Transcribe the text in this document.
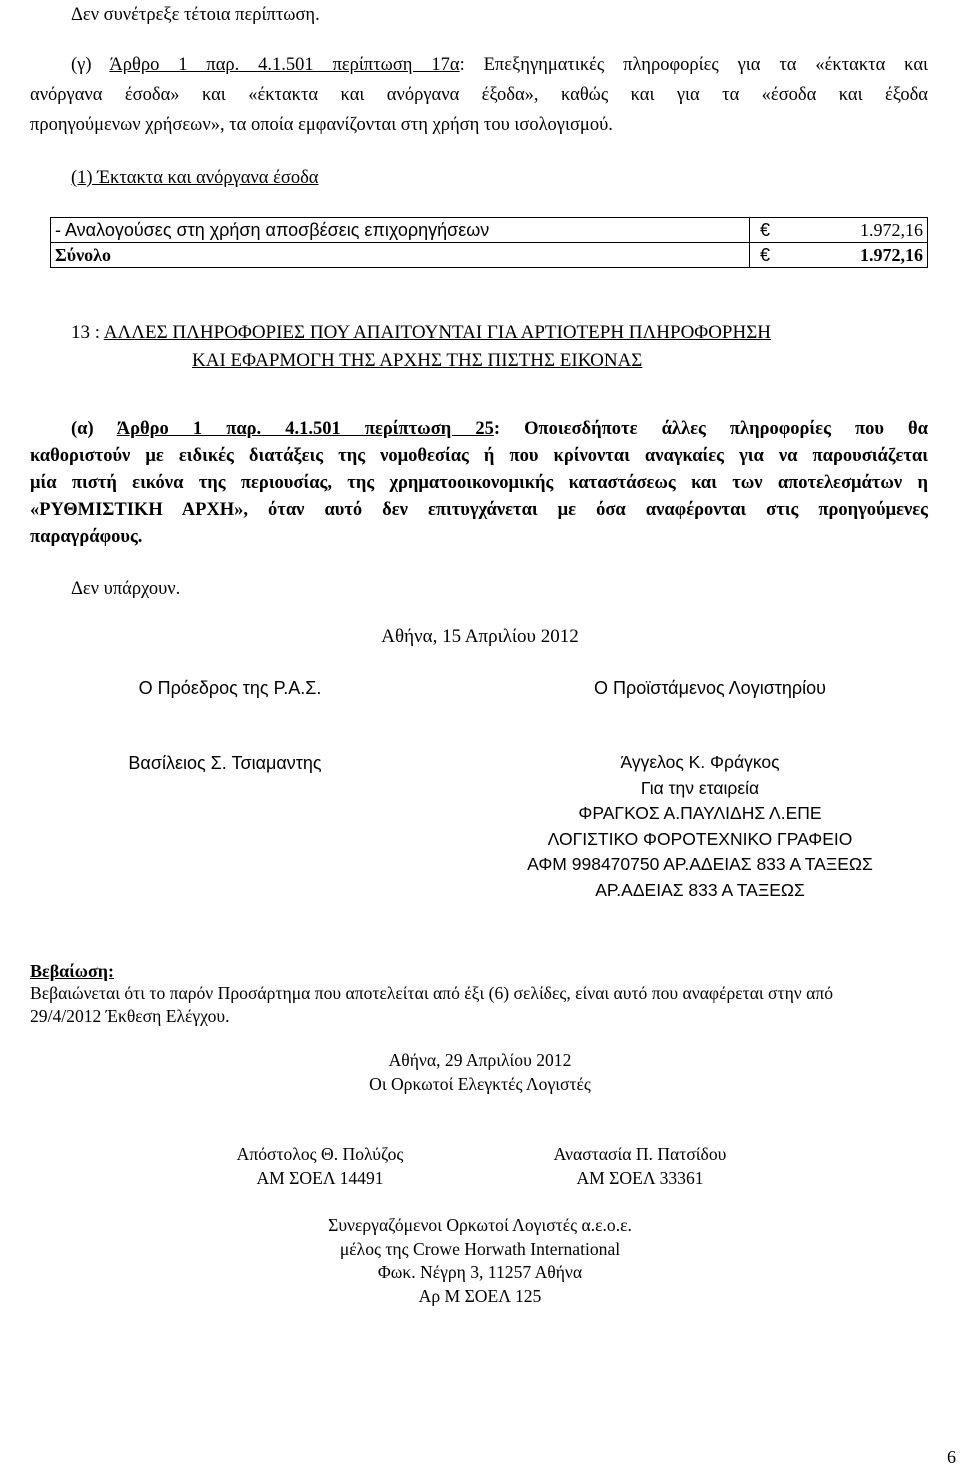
Δεν συνέτρεξε τέτοια περίπτωση.
(γ) Άρθρο 1 παρ. 4.1.501 περίπτωση 17α: Επεξηγηματικές πληροφορίες για τα «έκτακτα και
ανόργανα έσοδα» και «έκτακτα και ανόργανα έξοδα», καθώς και για τα «έσοδα και έξοδα
προηγούμενων χρήσεων», τα οποία εμφανίζονται στη χρήση του ισολογισμού.
(1) Έκτακτα και ανόργανα έσοδα
- Αναλογούσες στη χρήση αποσβέσεις επιχορηγήσεων	€	1.972,16
Σύνολο	€	1.972,16
13 : ΑΛΛΕΣ ΠΛΗΡΟΦΟΡΙΕΣ ΠΟΥ ΑΠΑΙΤΟΥΝΤΑΙ ΓΙΑ ΑΡΤΙΟΤΕΡΗ ΠΛΗΡΟΦΟΡΗΣΗ
ΚΑΙ ΕΦΑΡΜΟΓΗ ΤΗΣ ΑΡΧΗΣ ΤΗΣ ΠΙΣΤΗΣ ΕΙΚΟΝΑΣ
(α) Άρθρο 1 παρ. 4.1.501 περίπτωση 25: Οποιεσδήποτε άλλες πληροφορίες που θα
καθοριστούν με ειδικές διατάξεις της νομοθεσίας ή που κρίνονται αναγκαίες για να παρουσιάζεται
μία πιστή εικόνα της περιουσίας, της χρηματοοικονομικής καταστάσεως και των αποτελεσμάτων η
«ΡΥΘΜΙΣΤΙΚΗ ΑΡΧΗ», όταν αυτό δεν επιτυγχάνεται με όσα αναφέρονται στις προηγούμενες
παραγράφους.
Δεν υπάρχουν.
Αθήνα, 15 Απριλίου 2012
Ο Πρόεδρος της Ρ.Α.Σ.	Ο Προϊστάμενος Λογιστηρίου
Βασίλειος Σ. Τσιαμαντης	Άγγελος Κ. Φράγκος
Για την εταιρεία
ΦΡΑΓΚΟΣ Α.ΠΑΥΛΙΔΗΣ Λ.ΕΠΕ
ΛΟΓΙΣΤΙΚΟ ΦΟΡΟΤΕΧΝΙΚΟ ΓΡΑΦΕΙΟ
ΑΦΜ 998470750 ΑΡ.ΑΔΕΙΑΣ 833 Α ΤΑΞΕΩΣ
ΑΡ.ΑΔΕΙΑΣ 833 Α ΤΑΞΕΩΣ
Βεβαίωση:
Βεβαιώνεται ότι το παρόν Προσάρτημα που αποτελείται από έξι (6) σελίδες, είναι αυτό που αναφέρεται στην από
29/4/2012 Έκθεση Ελέγχου.
Αθήνα, 29 Απριλίου 2012
Οι Ορκωτοί Ελεγκτές Λογιστές
Απόστολος Θ. Πολύζος
ΑΜ ΣΟΕΛ 14491
Αναστασία Π. Πατσίδου
ΑΜ ΣΟΕΛ 33361
Συνεργαζόμενοι Ορκωτοί Λογιστές α.ε.ο.ε.
μέλος της Crowe Horwath International
Φωκ. Νέγρη 3, 11257 Αθήνα
Αρ Μ ΣΟΕΛ 125
6
